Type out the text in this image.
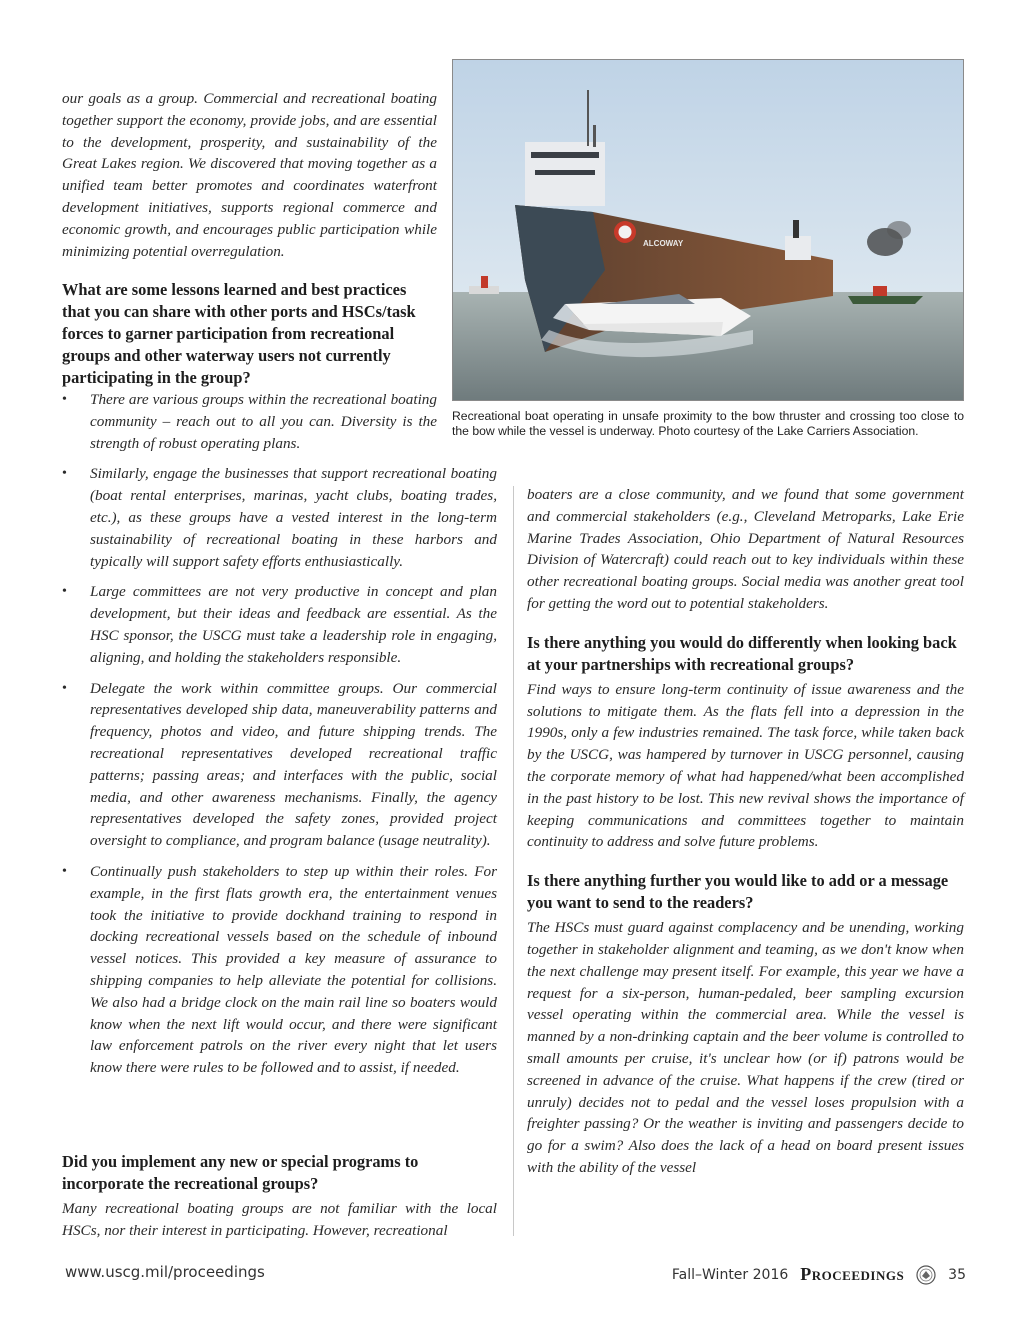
our goals as a group. Commercial and recreational boating together support the economy, provide jobs, and are essential to the development, prosperity, and sustainability of the Great Lakes region. We discovered that moving together as a unified team better promotes and coordinates waterfront development initiatives, supports regional commerce and economic growth, and encourages public participation while minimizing potential overregulation.

What are some lessons learned and best practices that you can share with other ports and HSCs/task forces to garner participation from recreational groups and other waterway users not currently participating in the group?
• There are various groups within the recreational boating community – reach out to all you can. Diversity is the strength of robust operating plans.

• Similarly, engage the businesses that support recreational boating (boat rental enterprises, marinas, yacht clubs, boating trades, etc.), as these groups have a vested interest in the long-term sustainability of recreational boating in these harbors and typically will support safety efforts enthusiastically.

• Large committees are not very productive in concept and plan development, but their ideas and feedback are essential. As the HSC sponsor, the USCG must take a leadership role in engaging, aligning, and holding the stakeholders responsible.

• Delegate the work within committee groups. Our commercial representatives developed ship data, maneuverability patterns and frequency, photos and video, and future shipping trends. The recreational representatives developed recreational traffic patterns; passing areas; and interfaces with the public, social media, and other awareness mechanisms. Finally, the agency representatives developed the safety zones, provided project oversight to compliance, and program balance (usage neutrality).

• Continually push stakeholders to step up within their roles. For example, in the first flats growth era, the entertainment venues took the initiative to provide dockhand training to respond in docking recreational vessels based on the schedule of inbound vessel notices. This provided a key measure of assurance to shipping companies to help alleviate the potential for collisions. We also had a bridge clock on the main rail line so boaters would know when the next lift would occur, and there were significant law enforcement patrols on the river every night that let users know there were rules to be followed and to assist, if needed.

Did you implement any new or special programs to incorporate the recreational groups?

Many recreational boating groups are not familiar with the local HSCs, nor their interest in participating. However, recreational

ALCOWAY

Recreational boat operating in unsafe proximity to the bow thruster and crossing too close to the bow while the vessel is underway. Photo courtesy of the Lake Carriers Association.

boaters are a close community, and we found that some government and commercial stakeholders (e.g., Cleveland Metroparks, Lake Erie Marine Trades Association, Ohio Department of Natural Resources Division of Watercraft) could reach out to key individuals within these other recreational boating groups. Social media was another great tool for getting the word out to potential stakeholders.

Is there anything you would do differently when looking back at your partnerships with recreational groups?

Find ways to ensure long-term continuity of issue awareness and the solutions to mitigate them. As the flats fell into a depression in the 1990s, only a few industries remained. The task force, while taken back by the USCG, was hampered by turnover in USCG personnel, causing the corporate memory of what had happened/what been accomplished in the past history to be lost. This new revival shows the importance of keeping communications and committees together to maintain continuity to address and solve future problems.

Is there anything further you would like to add or a message you want to send to the readers?

The HSCs must guard against complacency and be unending, working together in stakeholder alignment and teaming, as we don't know when the next challenge may present itself. For example, this year we have a request for a six-person, human-pedaled, beer sampling excursion vessel operating within the commercial area. While the vessel is manned by a non-drinking captain and the beer volume is controlled to small amounts per cruise, it's unclear how (or if) patrons would be screened in advance of the cruise. What happens if the crew (tired or unruly) decides not to pedal and the vessel loses propulsion with a freighter passing? Or the weather is inviting and passengers decide to go for a swim? Also does the lack of a head on board present issues with the ability of the vessel

www.uscg.mil/proceedings	Fall–Winter 2016 Proceedings	35
